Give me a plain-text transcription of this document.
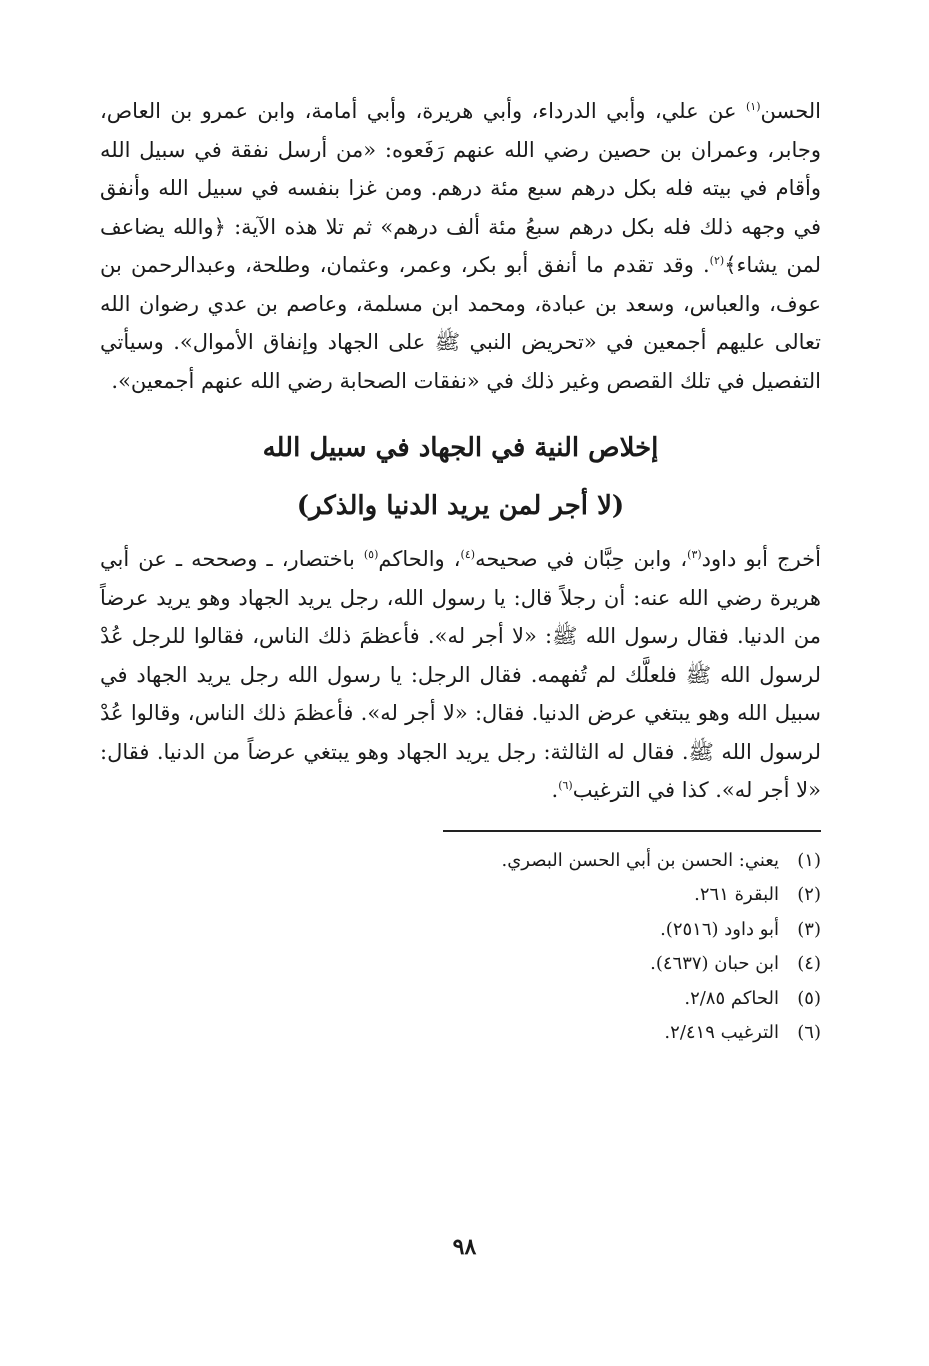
الحسن$^{(١)}$ عن علي، وأبي الدرداء، وأبي هريرة، وأبي أمامة، وابن عمرو بن العاص، وجابر، وعمران بن حصين رضي الله عنهم رَفَعوه: «من أرسل نفقة في سبيل الله وأقام في بيته فله بكل درهم سبع مئة درهم. ومن غزا بنفسه في سبيل الله وأنفق في وجهه ذلك فله بكل درهم سبعُ مئة ألف درهم» ثم تلا هذه الآية: ﴿والله يضاعف لمن يشاء﴾$^{(٢)}$. وقد تقدم ما أنفق أبو بكر، وعمر، وعثمان، وطلحة، وعبدالرحمن بن عوف، والعباس، وسعد بن عبادة، ومحمد ابن مسلمة، وعاصم بن عدي رضوان الله تعالى عليهم أجمعين في «تحريض النبي ﷺ على الجهاد وإنفاق الأموال». وسيأتي التفصيل في تلك القصص وغير ذلك في «نفقات الصحابة رضي الله عنهم أجمعين».

إخلاص النية في الجهاد في سبيل الله
(لا أجر لمن يريد الدنيا والذكر)

أخرج أبو داود$^{(٣)}$، وابن حِبَّان في صحيحه$^{(٤)}$، والحاكم$^{(٥)}$ باختصار، ـ وصححه ـ عن أبي هريرة رضي الله عنه: أن رجلاً قال: يا رسول الله، رجل يريد الجهاد وهو يريد عرضاً من الدنيا. فقال رسول الله ﷺ: «لا أجر له». فأعظمَ ذلك الناس، فقالوا للرجل عُدْ لرسول الله ﷺ فلعلَّك لم تُفهمه. فقال الرجل: يا رسول الله رجل يريد الجهاد في سبيل الله وهو يبتغي عرض الدنيا. فقال: «لا أجر له». فأعظمَ ذلك الناس، وقالوا عُدْ لرسول الله ﷺ. فقال له الثالثة: رجل يريد الجهاد وهو يبتغي عرضاً من الدنيا. فقال: «لا أجر له». كذا في الترغيب$^{(٦)}$.

(١)
يعني: الحسن بن أبي الحسن البصري.
(٢)
البقرة ٢٦١.
(٣)
أبو داود (٢٥١٦).
(٤)
ابن حبان (٤٦٣٧).
(٥)
الحاكم ٢/٨٥.
(٦)
الترغيب ٢/٤١٩.
٩٨
